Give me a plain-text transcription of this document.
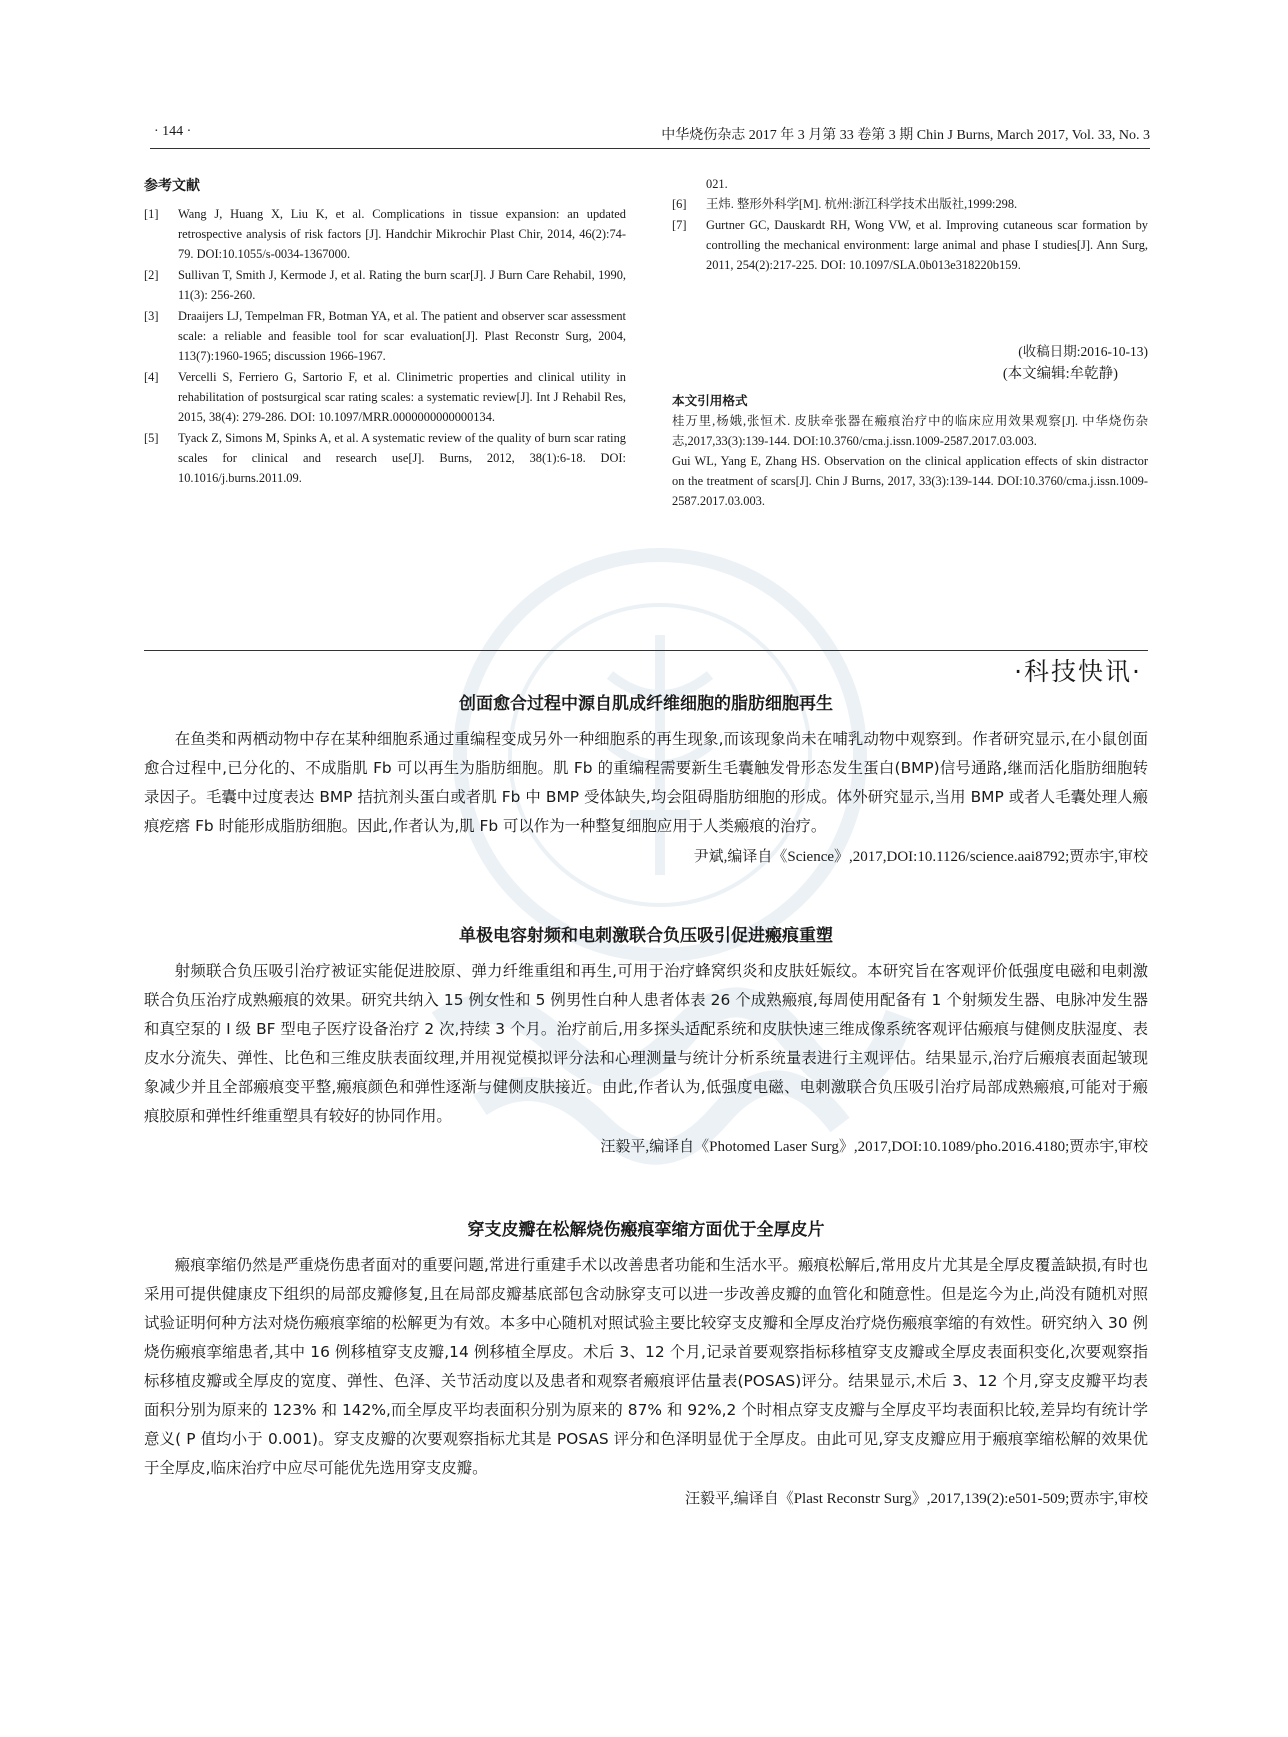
· 144 ·	中华烧伤杂志 2017 年 3 月第 33 卷第 3 期 Chin J Burns, March 2017, Vol. 33, No. 3
参考文献
[1]	Wang J, Huang X, Liu K, et al. Complications in tissue expansion: an updated retrospective analysis of risk factors [J]. Handchir Mikrochir Plast Chir, 2014, 46(2):74-79. DOI:10.1055/s-0034-1367000.
[2]	Sullivan T, Smith J, Kermode J, et al. Rating the burn scar[J]. J Burn Care Rehabil, 1990, 11(3): 256-260.
[3]	Draaijers LJ, Tempelman FR, Botman YA, et al. The patient and observer scar assessment scale: a reliable and feasible tool for scar evaluation[J]. Plast Reconstr Surg, 2004, 113(7):1960-1965; discussion 1966-1967.
[4]	Vercelli S, Ferriero G, Sartorio F, et al. Clinimetric properties and clinical utility in rehabilitation of postsurgical scar rating scales: a systematic review[J]. Int J Rehabil Res, 2015, 38(4): 279-286. DOI: 10.1097/MRR.0000000000000134.
[5]	Tyack Z, Simons M, Spinks A, et al. A systematic review of the quality of burn scar rating scales for clinical and research use[J]. Burns, 2012, 38(1):6-18. DOI: 10.1016/j.burns.2011.09.
021.
[6]	王炜. 整形外科学[M]. 杭州:浙江科学技术出版社,1999:298.
[7]	Gurtner GC, Dauskardt RH, Wong VW, et al. Improving cutaneous scar formation by controlling the mechanical environment: large animal and phase I studies[J]. Ann Surg, 2011, 254(2):217-225. DOI: 10.1097/SLA.0b013e318220b159.
(收稿日期:2016-10-13)
(本文编辑:牟乾静)
本文引用格式

桂万里,杨娥,张恒术. 皮肤牵张器在瘢痕治疗中的临床应用效果观察[J]. 中华烧伤杂志,2017,33(3):139-144. DOI:10.3760/cma.j.issn.1009-2587.2017.03.003.

Gui WL, Yang E, Zhang HS. Observation on the clinical application effects of skin distractor on the treatment of scars[J]. Chin J Burns, 2017, 33(3):139-144. DOI:10.3760/cma.j.issn.1009-2587.2017.03.003.

·科技快讯·
创面愈合过程中源自肌成纤维细胞的脂肪细胞再生

在鱼类和两栖动物中存在某种细胞系通过重编程变成另外一种细胞系的再生现象,而该现象尚未在哺乳动物中观察到。作者研究显示,在小鼠创面愈合过程中,已分化的、不成脂肌 Fb 可以再生为脂肪细胞。肌 Fb 的重编程需要新生毛囊触发骨形态发生蛋白(BMP)信号通路,继而活化脂肪细胞转录因子。毛囊中过度表达 BMP 拮抗剂头蛋白或者肌 Fb 中 BMP 受体缺失,均会阻碍脂肪细胞的形成。体外研究显示,当用 BMP 或者人毛囊处理人瘢痕疙瘩 Fb 时能形成脂肪细胞。因此,作者认为,肌 Fb 可以作为一种整复细胞应用于人类瘢痕的治疗。

尹斌,编译自《Science》,2017,DOI:10.1126/science.aai8792;贾赤宇,审校
单极电容射频和电刺激联合负压吸引促进瘢痕重塑

射频联合负压吸引治疗被证实能促进胶原、弹力纤维重组和再生,可用于治疗蜂窝织炎和皮肤妊娠纹。本研究旨在客观评价低强度电磁和电刺激联合负压治疗成熟瘢痕的效果。研究共纳入 15 例女性和 5 例男性白种人患者体表 26 个成熟瘢痕,每周使用配备有 1 个射频发生器、电脉冲发生器和真空泵的 Ⅰ 级 BF 型电子医疗设备治疗 2 次,持续 3 个月。治疗前后,用多探头适配系统和皮肤快速三维成像系统客观评估瘢痕与健侧皮肤湿度、表皮水分流失、弹性、比色和三维皮肤表面纹理,并用视觉模拟评分法和心理测量与统计分析系统量表进行主观评估。结果显示,治疗后瘢痕表面起皱现象减少并且全部瘢痕变平整,瘢痕颜色和弹性逐渐与健侧皮肤接近。由此,作者认为,低强度电磁、电刺激联合负压吸引治疗局部成熟瘢痕,可能对于瘢痕胶原和弹性纤维重塑具有较好的协同作用。

汪毅平,编译自《Photomed Laser Surg》,2017,DOI:10.1089/pho.2016.4180;贾赤宇,审校
穿支皮瓣在松解烧伤瘢痕挛缩方面优于全厚皮片

瘢痕挛缩仍然是严重烧伤患者面对的重要问题,常进行重建手术以改善患者功能和生活水平。瘢痕松解后,常用皮片尤其是全厚皮覆盖缺损,有时也采用可提供健康皮下组织的局部皮瓣修复,且在局部皮瓣基底部包含动脉穿支可以进一步改善皮瓣的血管化和随意性。但是迄今为止,尚没有随机对照试验证明何种方法对烧伤瘢痕挛缩的松解更为有效。本多中心随机对照试验主要比较穿支皮瓣和全厚皮治疗烧伤瘢痕挛缩的有效性。研究纳入 30 例烧伤瘢痕挛缩患者,其中 16 例移植穿支皮瓣,14 例移植全厚皮。术后 3、12 个月,记录首要观察指标移植穿支皮瓣或全厚皮表面积变化,次要观察指标移植皮瓣或全厚皮的宽度、弹性、色泽、关节活动度以及患者和观察者瘢痕评估量表(POSAS)评分。结果显示,术后 3、12 个月,穿支皮瓣平均表面积分别为原来的 123% 和 142%,而全厚皮平均表面积分别为原来的 87% 和 92%,2 个时相点穿支皮瓣与全厚皮平均表面积比较,差异均有统计学意义( P 值均小于 0.001)。穿支皮瓣的次要观察指标尤其是 POSAS 评分和色泽明显优于全厚皮。由此可见,穿支皮瓣应用于瘢痕挛缩松解的效果优于全厚皮,临床治疗中应尽可能优先选用穿支皮瓣。

汪毅平,编译自《Plast Reconstr Surg》,2017,139(2):e501-509;贾赤宇,审校
